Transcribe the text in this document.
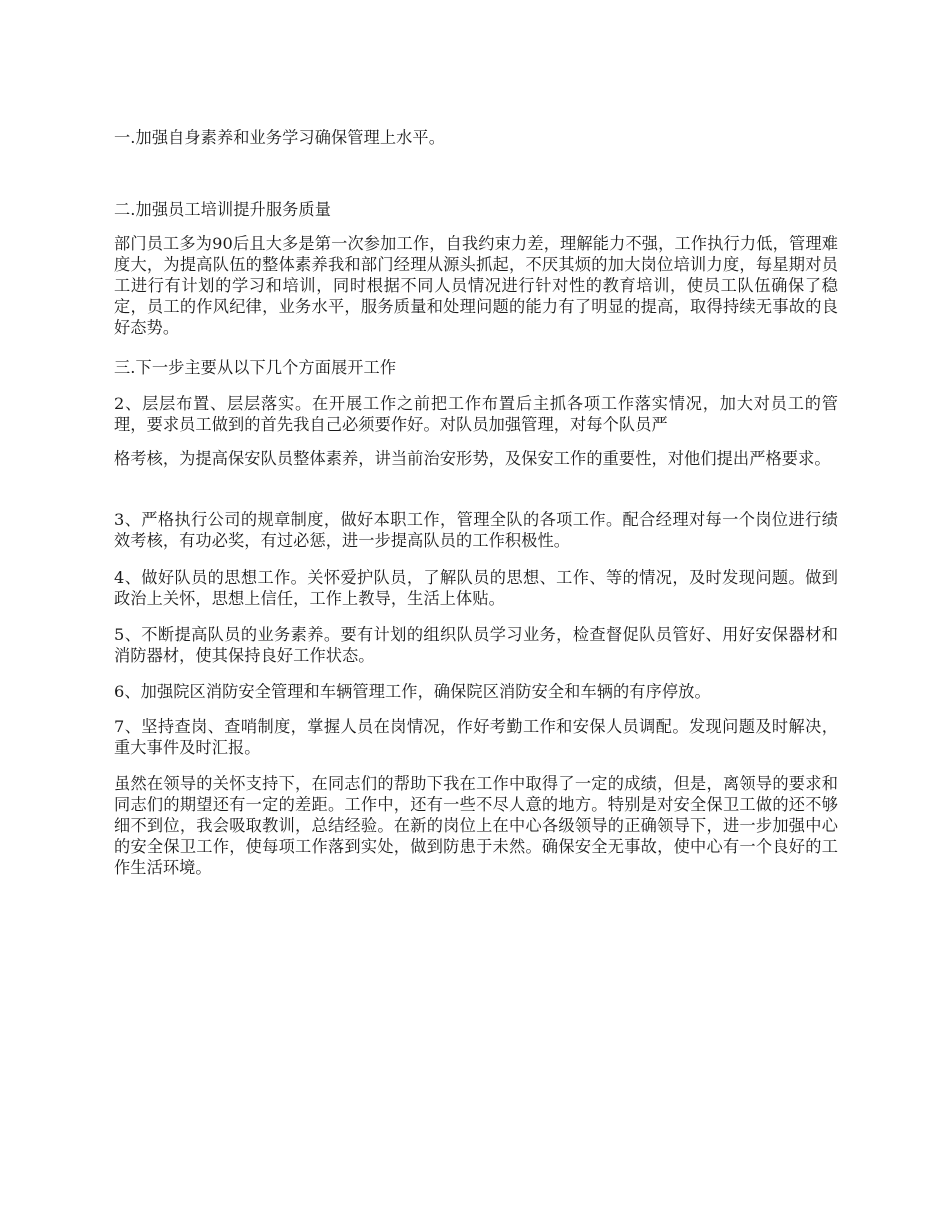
一.加强自身素养和业务学习确保管理上水平。

二.加强员工培训提升服务质量

部门员工多为90后且大多是第一次参加工作，自我约束力差，理解能力不强，工作执行力低，管理难度大，为提高队伍的整体素养我和部门经理从源头抓起，不厌其烦的加大岗位培训力度，每星期对员工进行有计划的学习和培训，同时根据不同人员情况进行针对性的教育培训，使员工队伍确保了稳定，员工的作风纪律，业务水平，服务质量和处理问题的能力有了明显的提高，取得持续无事故的良好态势。

三.下一步主要从以下几个方面展开工作

2、层层布置、层层落实。在开展工作之前把工作布置后主抓各项工作落实情况，加大对员工的管理，要求员工做到的首先我自己必须要作好。对队员加强管理，对每个队员严

格考核，为提高保安队员整体素养，讲当前治安形势，及保安工作的重要性，对他们提出严格要求。

3、严格执行公司的规章制度，做好本职工作，管理全队的各项工作。配合经理对每一个岗位进行绩效考核，有功必奖，有过必惩，进一步提高队员的工作积极性。

4、做好队员的思想工作。关怀爱护队员，了解队员的思想、工作、等的情况，及时发现问题。做到政治上关怀，思想上信任，工作上教导，生活上体贴。

5、不断提高队员的业务素养。要有计划的组织队员学习业务，检查督促队员管好、用好安保器材和消防器材，使其保持良好工作状态。

6、加强院区消防安全管理和车辆管理工作，确保院区消防安全和车辆的有序停放。

7、坚持查岗、查哨制度，掌握人员在岗情况，作好考勤工作和安保人员调配。发现问题及时解决，重大事件及时汇报。

虽然在领导的关怀支持下，在同志们的帮助下我在工作中取得了一定的成绩，但是，离领导的要求和同志们的期望还有一定的差距。工作中，还有一些不尽人意的地方。特别是对安全保卫工做的还不够细不到位，我会吸取教训，总结经验。在新的岗位上在中心各级领导的正确领导下，进一步加强中心的安全保卫工作，使每项工作落到实处，做到防患于未然。确保安全无事故，使中心有一个良好的工作生活环境。
